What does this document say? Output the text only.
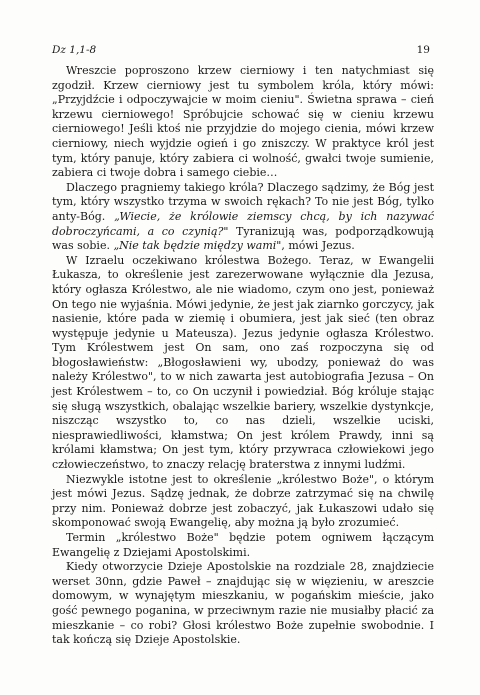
Dz 1,1-8	19

Wreszcie poproszono krzew cierniowy i ten natychmiast się zgodził. Krzew cierniowy jest tu symbolem króla, który mówi: „Przyjdźcie i odpoczywajcie w moim cieniu". Świetna sprawa – cień krzewu cierniowego! Spróbujcie schować się w cieniu krzewu cierniowego! Jeśli ktoś nie przyjdzie do mojego cienia, mówi krzew cierniowy, niech wyjdzie ogień i go zniszczy. W praktyce król jest tym, który panuje, który zabiera ci wolność, gwałci twoje sumienie, zabiera ci twoje dobra i samego ciebie…

Dlaczego pragniemy takiego króla? Dlaczego sądzimy, że Bóg jest tym, który wszystko trzyma w swoich rękach? To nie jest Bóg, tylko anty-Bóg. „Wiecie, że królowie ziemscy chcą, by ich nazywać dobroczyńcami, a co czynią?" Tyranizują was, podporządkowują was sobie. „Nie tak będzie między wami", mówi Jezus.

W Izraelu oczekiwano królestwa Bożego. Teraz, w Ewangelii Łukasza, to określenie jest zarezerwowane wyłącznie dla Jezusa, który ogłasza Królestwo, ale nie wiadomo, czym ono jest, ponieważ On tego nie wyjaśnia. Mówi jedynie, że jest jak ziarnko gorczycy, jak nasienie, które pada w ziemię i obumiera, jest jak sieć (ten obraz występuje jedynie u Mateusza). Jezus jedynie ogłasza Królestwo. Tym Królestwem jest On sam, ono zaś rozpoczyna się od błogosławieństw: „Błogosławieni wy, ubodzy, ponieważ do was należy Królestwo", to w nich zawarta jest autobiografia Jezusa – On jest Królestwem – to, co On uczynił i powiedział. Bóg króluje stając się sługą wszystkich, obalając wszelkie bariery, wszelkie dystynkcje, niszcząc wszystko to, co nas dzieli, wszelkie uciski, niesprawiedliwości, kłamstwa; On jest królem Prawdy, inni są królami kłamstwa; On jest tym, który przywraca człowiekowi jego człowieczeństwo, to znaczy relację braterstwa z innymi ludźmi.

Niezwykle istotne jest to określenie „królestwo Boże", o którym jest mówi Jezus. Sądzę jednak, że dobrze zatrzymać się na chwilę przy nim. Ponieważ dobrze jest zobaczyć, jak Łukaszowi udało się skomponować swoją Ewangelię, aby można ją było zrozumieć.

Termin „królestwo Boże" będzie potem ogniwem łączącym Ewangelię z Dziejami Apostolskimi.

Kiedy otworzycie Dzieje Apostolskie na rozdziale 28, znajdziecie werset 30nn, gdzie Paweł – znajdując się w więzieniu, w areszcie domowym, w wynajętym mieszkaniu, w pogańskim mieście, jako gość pewnego poganina, w przeciwnym razie nie musiałby płacić za mieszkanie – co robi? Głosi królestwo Boże zupełnie swobodnie. I tak kończą się Dzieje Apostolskie.
